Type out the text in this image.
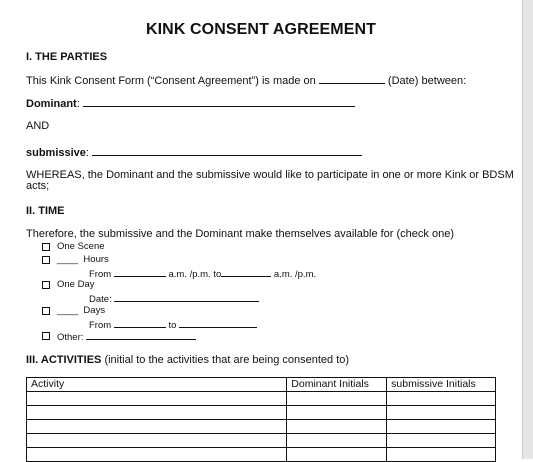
KINK CONSENT AGREEMENT
I. THE PARTIES
This Kink Consent Form (“Consent Agreement”) is made on	(Date) between:
Dominant:
AND
submissive:
WHEREAS, the Dominant and the submissive would like to participate in one or more Kink or BDSM
acts;
II. TIME
Therefore, the submissive and the Dominant make themselves available for (check one)
One Scene
____ Hours
From	a.m. /p.m. to	a.m. /p.m.
One Day
Date:
____ Days
From	to
Other:
III. ACTIVITIES (initial to the activities that are being consented to)
Activity	Dominant Initials	submissive Initials
